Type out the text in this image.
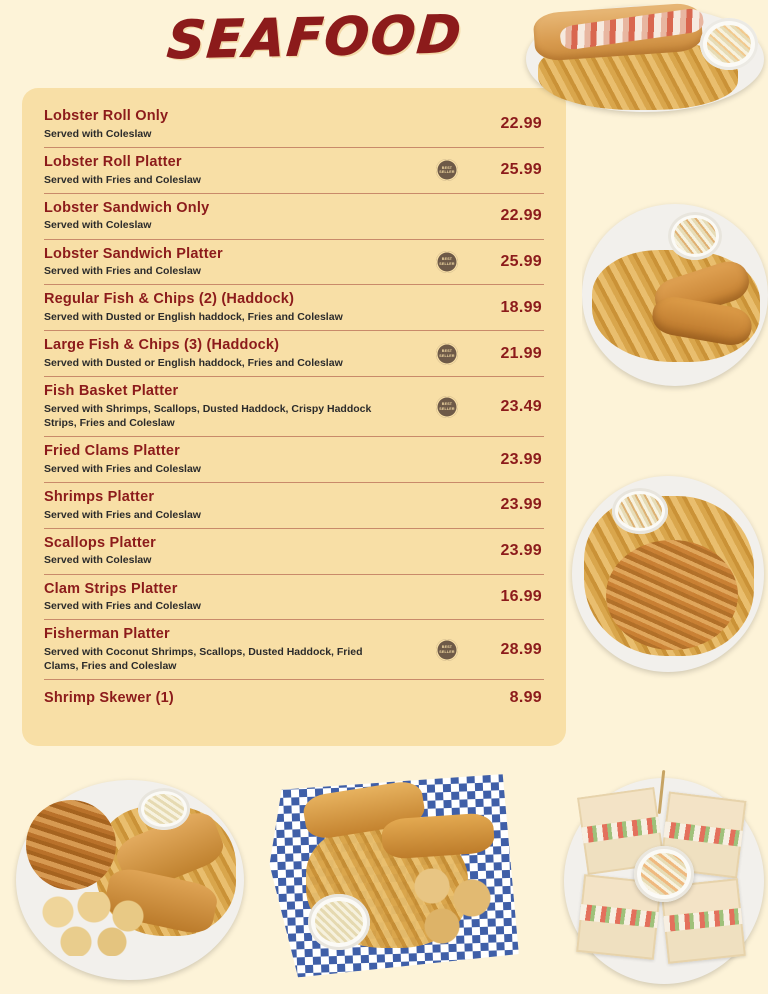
SEAFOOD
Lobster Roll Only
Served with Coleslaw
22.99
Lobster Roll Platter
Served with Fries and Coleslaw
BEST SELLER	25.99
Lobster Sandwich Only
Served with Coleslaw
22.99
Lobster Sandwich Platter
Served with Fries and Coleslaw
BEST SELLER	25.99
Regular Fish & Chips (2) (Haddock)
Served with Dusted or English haddock, Fries and Coleslaw
18.99
Large Fish & Chips (3) (Haddock)
Served with Dusted or English haddock, Fries and Coleslaw
BEST SELLER	21.99
Fish Basket Platter
Served with Shrimps, Scallops, Dusted Haddock, Crispy Haddock Strips, Fries and Coleslaw
BEST SELLER	23.49
Fried Clams Platter
Served with Fries and Coleslaw
23.99
Shrimps Platter
Served with Fries and Coleslaw
23.99
Scallops Platter
Served with Coleslaw
23.99
Clam Strips Platter
Served with Fries and Coleslaw
16.99
Fisherman Platter
Served with Coconut Shrimps, Scallops, Dusted Haddock, Fried Clams, Fries and Coleslaw
BEST SELLER	28.99
Shrimp Skewer (1)	8.99
